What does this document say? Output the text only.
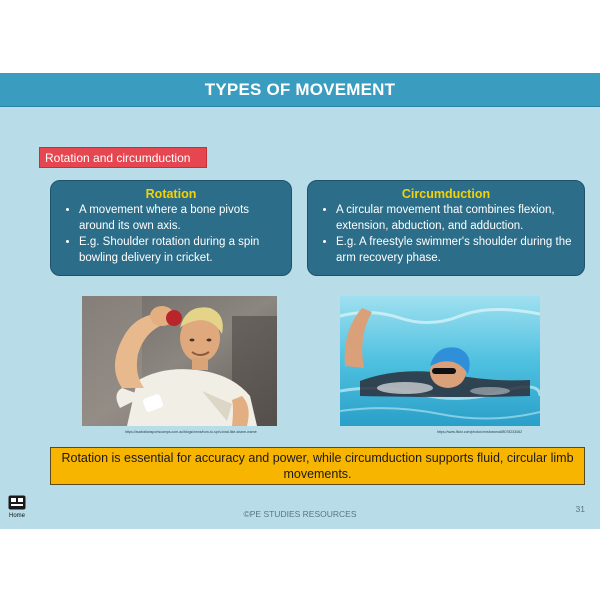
TYPES OF MOVEMENT
Rotation and circumduction
Rotation
• A movement where a bone pivots around its own axis.
• E.g. Shoulder rotation during a spin bowling delivery in cricket.
Circumduction
• A circular movement that combines flexion, extension, abduction, and adduction.
• E.g. A freestyle swimmer's shoulder during the arm recovery phase.
https://australiansportscamps.com.au/blogs/news/how-to-spin-bowl-like-shane-warne	https://www.flickr.com/photos/mrsfoxsmail/8078233082
Rotation is essential for accuracy and power, while circumduction supports fluid, circular limb movements.
Home	©PE STUDIES RESOURCES	31
